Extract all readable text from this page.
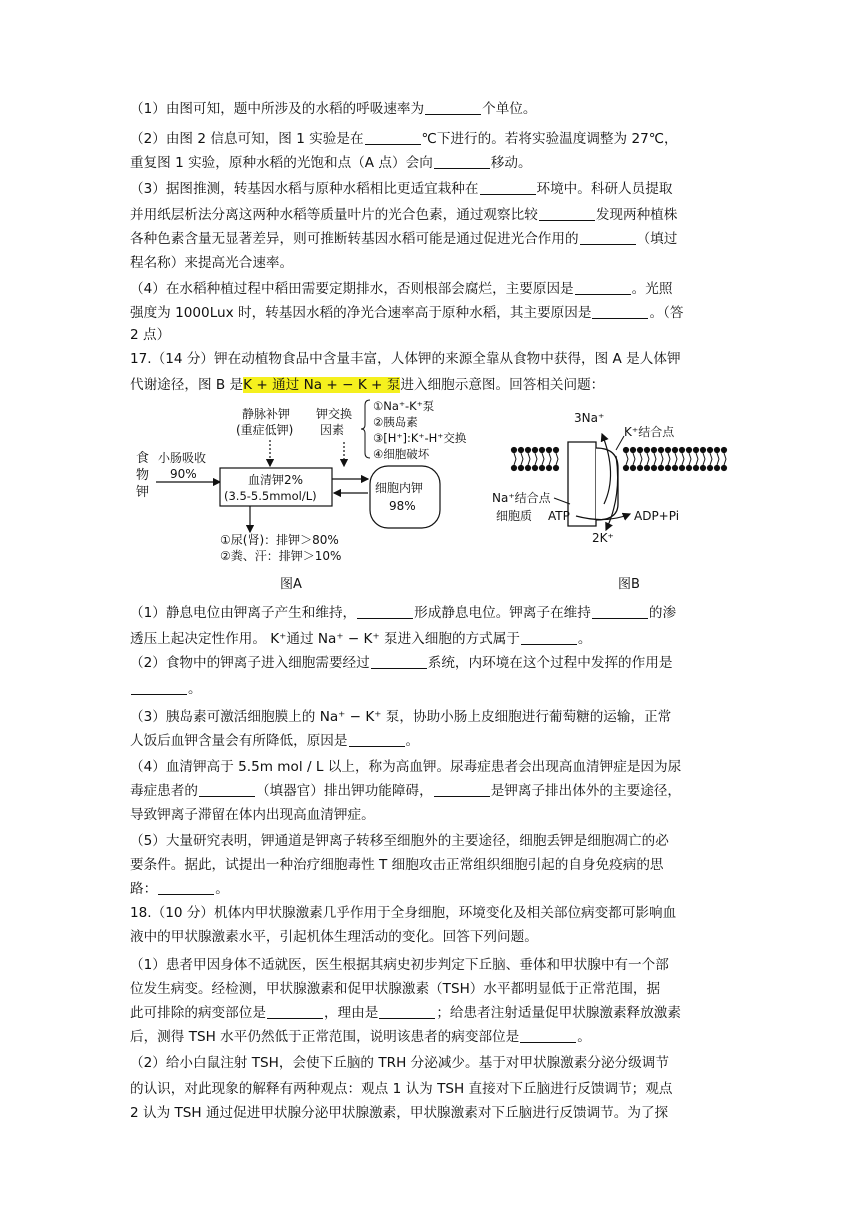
（1）由图可知，题中所涉及的水稻的呼吸速率为	个单位。
（2）由图 2 信息可知，图 1 实验是在	℃下进行的。若将实验温度调整为 27℃，
重复图 1 实验，原种水稻的光饱和点（A 点）会向	移动。
（3）据图推测，转基因水稻与原种水稻相比更适宜栽种在	环境中。科研人员提取
并用纸层析法分离这两种水稻等质量叶片的光合色素，通过观察比较	发现两种植株
各种色素含量无显著差异，则可推断转基因水稻可能是通过促进光合作用的	（填过
程名称）来提高光合速率。
（4）在水稻种植过程中稻田需要定期排水，否则根部会腐烂，主要原因是	。光照
强度为 1000Lux 时，转基因水稻的净光合速率高于原种水稻，其主要原因是	。（答
2 点）
17.（14 分）钾在动植物食品中含量丰富，人体钾的来源全靠从食物中获得，图 A 是人体钾
代谢途径，图 B 是K + 通过 Na + − K + 泵进入细胞示意图。回答相关问题：
（1）静息电位由钾离子产生和维持，	形成静息电位。钾离子在维持	的渗
透压上起决定性作用。 K⁺通过 Na⁺ − K⁺ 泵进入细胞的方式属于	。
（2）食物中的钾离子进入细胞需要经过	系统，内环境在这个过程中发挥的作用是
。
（3）胰岛素可激活细胞膜上的 Na⁺ − K⁺ 泵，协助小肠上皮细胞进行葡萄糖的运输，正常
人饭后血钾含量会有所降低，原因是	。
（4）血清钾高于 5.5m mol / L 以上，称为高血钾。尿毒症患者会出现高血清钾症是因为尿
毒症患者的	（填器官）排出钾功能障碍，	是钾离子排出体外的主要途径，
导致钾离子滞留在体内出现高血清钾症。
（5）大量研究表明，钾通道是钾离子转移至细胞外的主要途径，细胞丢钾是细胞凋亡的必
要条件。据此，试提出一种治疗细胞毒性 T 细胞攻击正常组织细胞引起的自身免疫病的思
路：	。
18.（10 分）机体内甲状腺激素几乎作用于全身细胞，环境变化及相关部位病变都可影响血
液中的甲状腺激素水平，引起机体生理活动的变化。回答下列问题。
（1）患者甲因身体不适就医，医生根据其病史初步判定下丘脑、垂体和甲状腺中有一个部
位发生病变。经检测，甲状腺激素和促甲状腺激素（TSH）水平都明显低于正常范围，据
此可排除的病变部位是	，理由是	；给患者注射适量促甲状腺激素释放激素
后，测得 TSH 水平仍然低于正常范围，说明该患者的病变部位是	。
（2）给小白鼠注射 TSH，会使下丘脑的 TRH 分泌减少。基于对甲状腺激素分泌分级调节
的认识，对此现象的解释有两种观点：观点 1 认为 TSH 直接对下丘脑进行反馈调节；观点
2 认为 TSH 通过促进甲状腺分泌甲状腺激素，甲状腺激素对下丘脑进行反馈调节。为了探
食
物
钾
小肠吸收
90%
静脉补钾
(重症低钾)
钾交换
因素
①Na⁺-K⁺泵
②胰岛素
③[H⁺]:K⁺-H⁺交换
④细胞破坏
血清钾2%
(3.5-5.5mmol/L)
细胞内钾
98%
①尿(肾)：排钾＞80%
②粪、汗：排钾＞10%
图A
3Na⁺
K⁺结合点
Na⁺结合点
细胞质 ATP	ADP+Pi
2K⁺
图B
